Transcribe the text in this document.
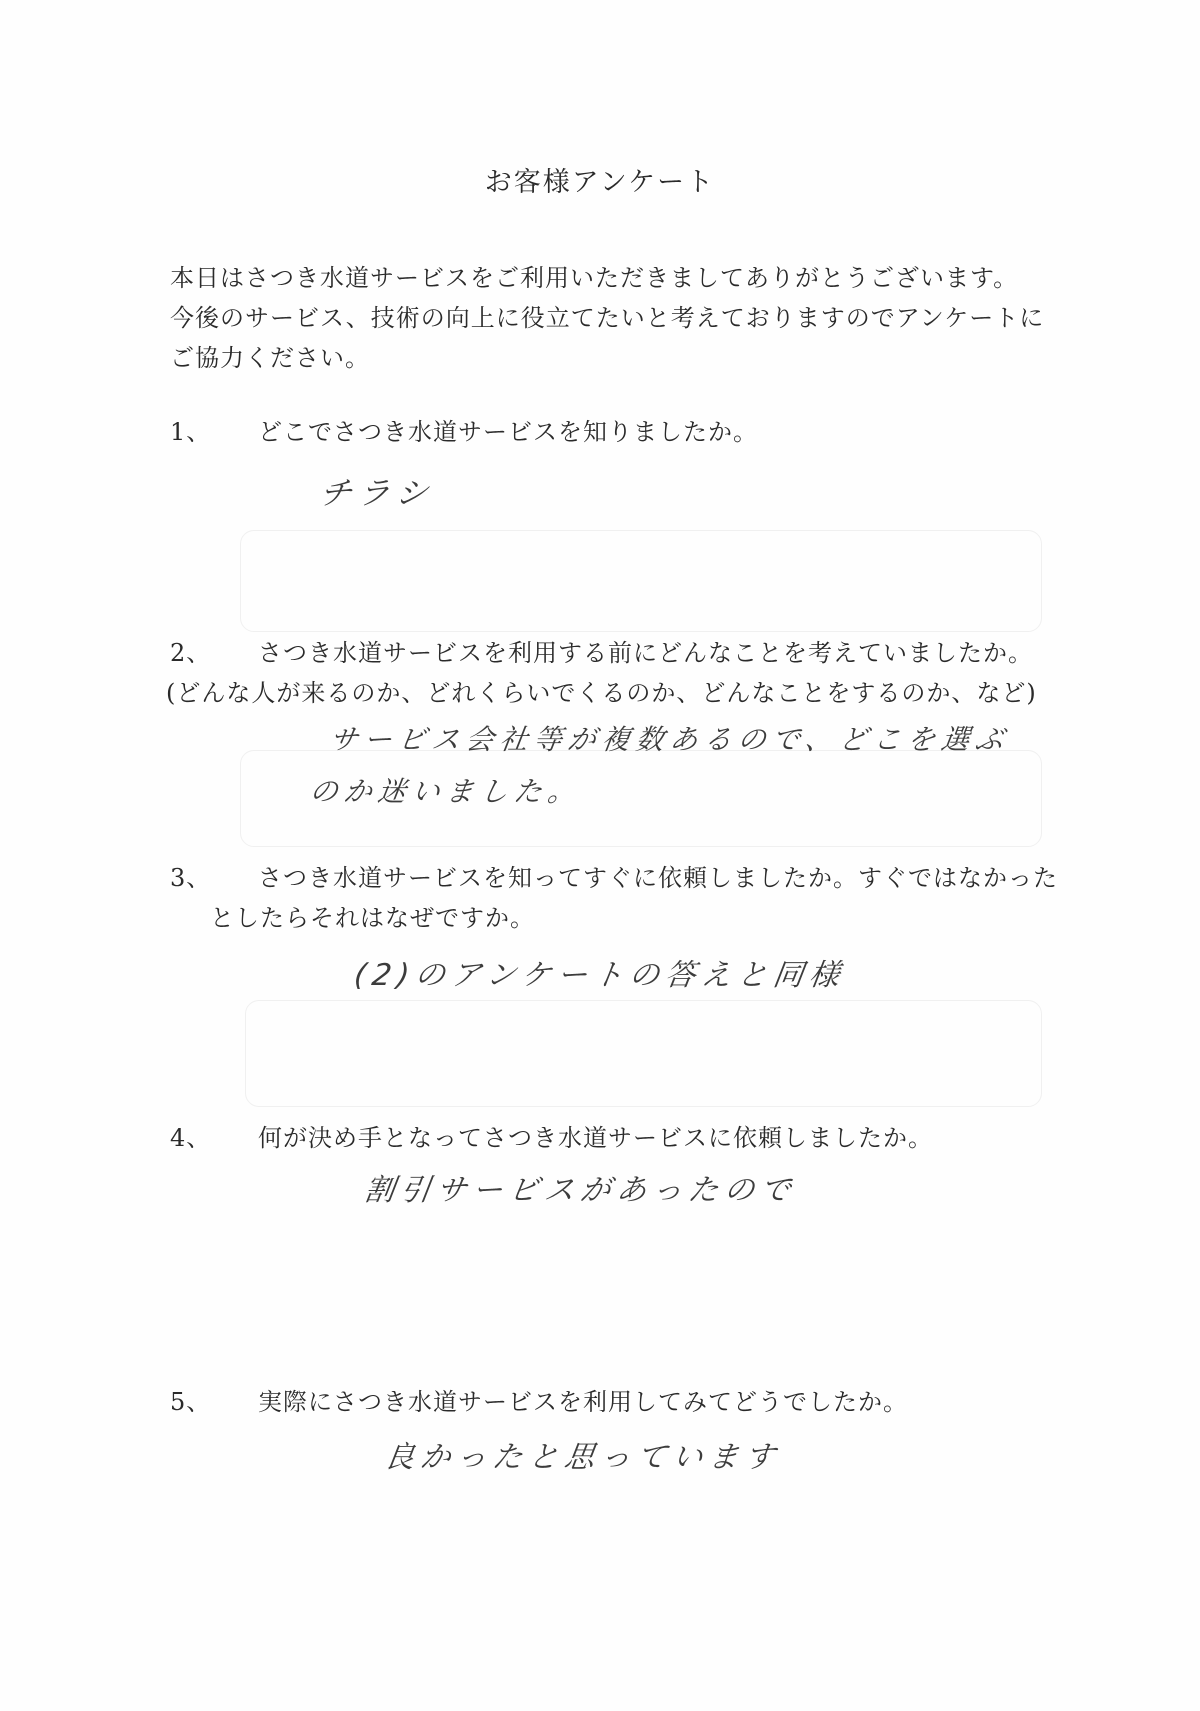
お客様アンケート
本日はさつき水道サービスをご利用いただきましてありがとうございます。
今後のサービス、技術の向上に役立てたいと考えておりますのでアンケートに
ご協力ください。
1、 どこでさつき水道サービスを知りましたか。
チラシ
2、 さつき水道サービスを利用する前にどんなことを考えていましたか。
(どんな人が来るのか、どれくらいでくるのか、どんなことをするのか、など)
サービス会社等が複数あるので、どこを選ぶ
のか迷いました。
3、 さつき水道サービスを知ってすぐに依頼しましたか。すぐではなかった
としたらそれはなぜですか。
(2)のアンケートの答えと同様
4、 何が決め手となってさつき水道サービスに依頼しましたか。
割引サービスがあったので
5、 実際にさつき水道サービスを利用してみてどうでしたか。
良かったと思っています
